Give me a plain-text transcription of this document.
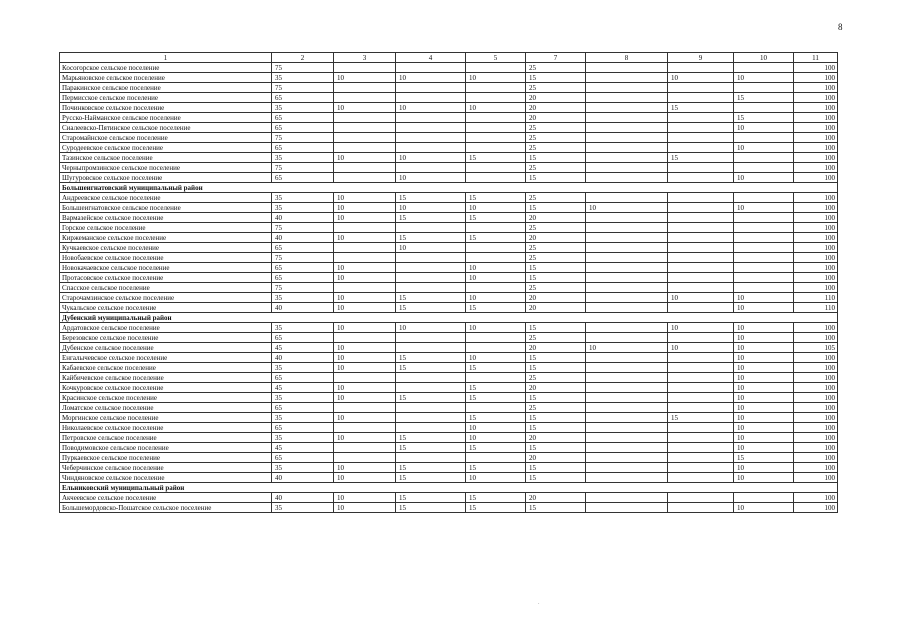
8
1	2	3	4	5	7	8	9	10	11
Косогорское сельское поселение	75				25				100
Марьяновское сельское поселение	35	10	10	10	15		10	10	100
Паракинское сельское поселение	75				25				100
Пермисское сельское поселение	65				20			15	100
Починковское сельское поселение	35	10	10	10	20		15		100
Русско-Найманское сельское поселение	65				20			15	100
Сиалеевско-Пятинское сельское поселение	65				25			10	100
Старомайнское сельское поселение	75				25				100
Суродеевское сельское поселение	65				25			10	100
Тазинское сельское поселение	35	10	10	15	15		15		100
Черныпромзинское сельское поселение	75				25				100
Шугуровское сельское поселение	65		10		15			10	100
Большеигнатовский муниципальный район									
Андреевское сельское поселение	35	10	15	15	25				100
Большеигнатовское сельское поселение	35	10	10	10	15	10		10	100
Вармазейское сельское поселение	40	10	15	15	20				100
Горское сельское поселение	75				25				100
Киржеманское сельское поселение	40	10	15	15	20				100
Кучкаевское сельское поселение	65		10		25				100
Новобаевское сельское поселение	75				25				100
Новокачаевское сельское поселение	65	10		10	15				100
Протасовское сельское поселение	65	10		10	15				100
Спасское сельское поселение	75				25				100
Старочамзинское сельское поселение	35	10	15	10	20		10	10	110
Чукальское сельское поселение	40	10	15	15	20			10	110
Дубенский муниципальный район									
Ардатовское сельское поселение	35	10	10	10	15		10	10	100
Березовское сельское поселение	65				25			10	100
Дубенское сельское поселение	45	10			20	10	10	10	105
Енгалычевское сельское поселение	40	10	15	10	15			10	100
Кабаевское сельское поселение	35	10	15	15	15			10	100
Кайбичевское сельское поселение	65				25			10	100
Кочкуровское сельское поселение	45	10		15	20			10	100
Красинское сельское поселение	35	10	15	15	15			10	100
Ломатское сельское поселение	65				25			10	100
Моргинское сельское поселение	35	10		15	15		15	10	100
Николаевское сельское поселение	65			10	15			10	100
Петровское сельское поселение	35	10	15	10	20			10	100
Поводимовское сельское поселение	45		15	15	15			10	100
Пуркаевское сельское поселение	65				20			15	100
Чеберчинское сельское поселение	35	10	15	15	15			10	100
Чиндяновское сельское поселение	40	10	15	10	15			10	100
Ельниковский муниципальный район									
Акчеевское сельское поселение	40	10	15	15	20				100
Большемордовско-Пошатское сельское поселение	35	10	15	15	15			10	100
.
